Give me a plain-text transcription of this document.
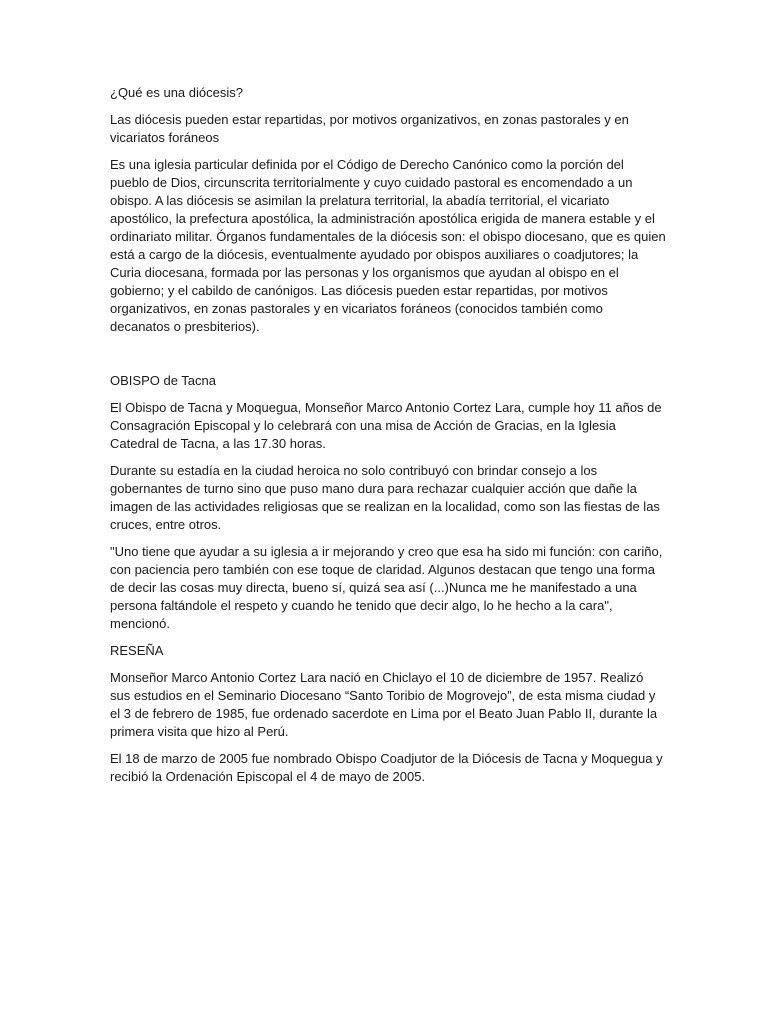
¿Qué es una diócesis?

Las diócesis pueden estar repartidas, por motivos organizativos, en zonas pastorales y en vicariatos foráneos

Es una iglesia particular definida por el Código de Derecho Canónico como la porción del pueblo de Dios, circunscrita territorialmente y cuyo cuidado pastoral es encomendado a un obispo. A las diócesis se asimilan la prelatura territorial, la abadía territorial, el vicariato apostólico, la prefectura apostólica, la administración apostólica erigida de manera estable y el ordinariato militar. Órganos fundamentales de la diócesis son: el obispo diocesano, que es quien está a cargo de la diócesis, eventualmente ayudado por obispos auxiliares o coadjutores; la Curia diocesana, formada por las personas y los organismos que ayudan al obispo en el gobierno; y el cabildo de canónigos. Las diócesis pueden estar repartidas, por motivos organizativos, en zonas pastorales y en vicariatos foráneos (conocidos también como decanatos o presbiterios).

OBISPO de Tacna

El Obispo de Tacna y Moquegua, Monseñor Marco Antonio Cortez Lara, cumple hoy 11 años de Consagración Episcopal y lo celebrará con una misa de Acción de Gracias, en la Iglesia Catedral de Tacna, a las 17.30 horas.

Durante su estadía en la ciudad heroica no solo contribuyó con brindar consejo a los gobernantes de turno sino que puso mano dura para rechazar cualquier acción que dañe la imagen de las actividades religiosas que se realizan en la localidad, como son las fiestas de las cruces, entre otros.

"Uno tiene que ayudar a su iglesia a ir mejorando y creo que esa ha sido mi función: con cariño, con paciencia pero también con ese toque de claridad. Algunos destacan que tengo una forma de decir las cosas muy directa, bueno sí, quizá sea así (...)Nunca me he manifestado a una persona faltándole el respeto y cuando he tenido que decir algo, lo he hecho a la cara", mencionó.

RESEÑA

Monseñor Marco Antonio Cortez Lara nació en Chiclayo el 10 de diciembre de 1957. Realizó sus estudios en el Seminario Diocesano “Santo Toribio de Mogrovejo”, de esta misma ciudad y el 3 de febrero de 1985, fue ordenado sacerdote en Lima por el Beato Juan Pablo II, durante la primera visita que hizo al Perú.

El 18 de marzo de 2005 fue nombrado Obispo Coadjutor de la Diócesis de Tacna y Moquegua y recibió la Ordenación Episcopal el 4 de mayo de 2005.
